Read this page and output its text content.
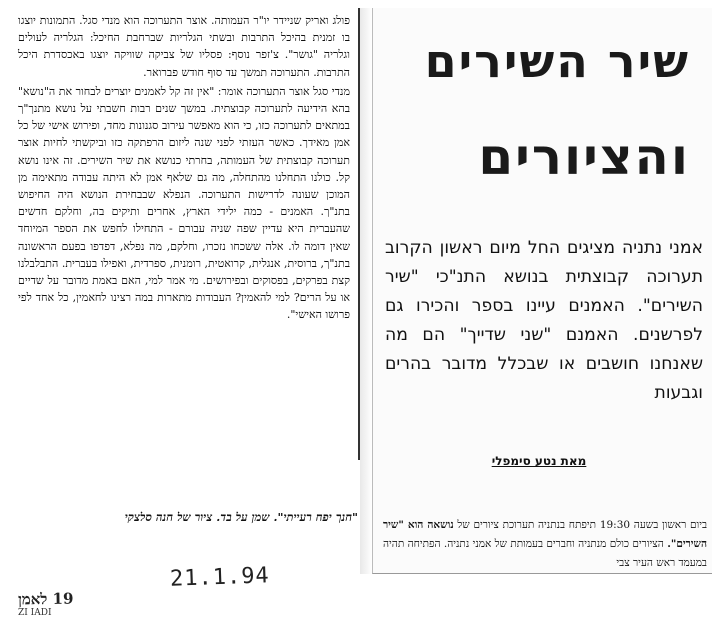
פולג ואריק שניידר יו"ר העמותה. אוצר התערוכה הוא מנדי סגל. התמונות יוצגו בו זמנית בהיכל התרבות ובשתי הגלריות שברחבת החיכל: הגלריה לעולים וגלריה "גושר". צ'זפר נוסף: פסליו של צביקה שוויקה יוצגו באכסדרת היכל התרבות. התערוכה תמשך עד סוף חודש פברואר.

מנדי סגל אוצר התערוכה אומר: "אין זה קל לאמנים יוצרים לבחור את ה"נושא" בהא הידיעה לתערוכה קבוצתית. במשך שנים רבות חשבתי על נושא מתנך"ך במתאים לתערוכה כזו, כי הוא מאפשר עירוב סגנונות מחד, ופירוש אישי של כל אמן מאידך. כאשר העזתי לפני שנה ליזום הרפתקה כזו וביקשתי לחיות אוצר תערוכה קבוצתית של העמותה, בחרתי כנושא את שיר השירים. זה אינו נושא קל. כולנו התחלנו מהתחלה, מה גם שלאף אמן לא היתה עבודה מתאימה מן המוכן שעונה לדרישות התערוכה. הנפלא שבבחירת הנושא היה החיפוש בתנ"ך. האמנים - כמה ילידי הארץ, אחרים ותיקים בה, וחלקם חדשים שהעברית היא עדיין שפה שניה עבורם - התחילו לחפש את הספר המיוחד שאין דומה לו. אלה ששכחו נזכרו, וחלקם, מה נפלא, דפדפו בפעם הראשונה בתנ"ך, ברוסית, אנגלית, קרואטית, רומנית, ספרדית, ואפילו בעברית. התבלבלנו קצת בפרקים, בפסוקים ובפירושים. מי אמר למי, האם באמת מדובר על שדיים או על הרים? למי להאמין? העבודות מתארות במה רצינו לחאמין, כל אחד לפי פרושו האישי".

"חנך יפח רעייתי". שמן על בד. ציור של חנה סלצקי
21.1.94
19 לאמן
ZI IADI
שיר השירים
והציורים
אמני נתניה מציגים החל מיום ראשון הקרוב תערוכה קבוצתית בנושא התנ"כי "שיר השירים". האמנים עיינו בספר והכירו גם לפרשנים. האמנם "שני שדייך" הם מה שאנחנו חושבים או שבכלל מדובר בהרים וגבעות
מאת נטע סימפלי
ביום ראשון בשעה 19:30 תיפתח בנתניה תערוכת ציורים של נושאה הוא "שיר השירים". הציורים כולם מנתניה וחברים בעמותת של אמני נתניה. הפתיחה תהיה במעמד ראש העיר צבי
